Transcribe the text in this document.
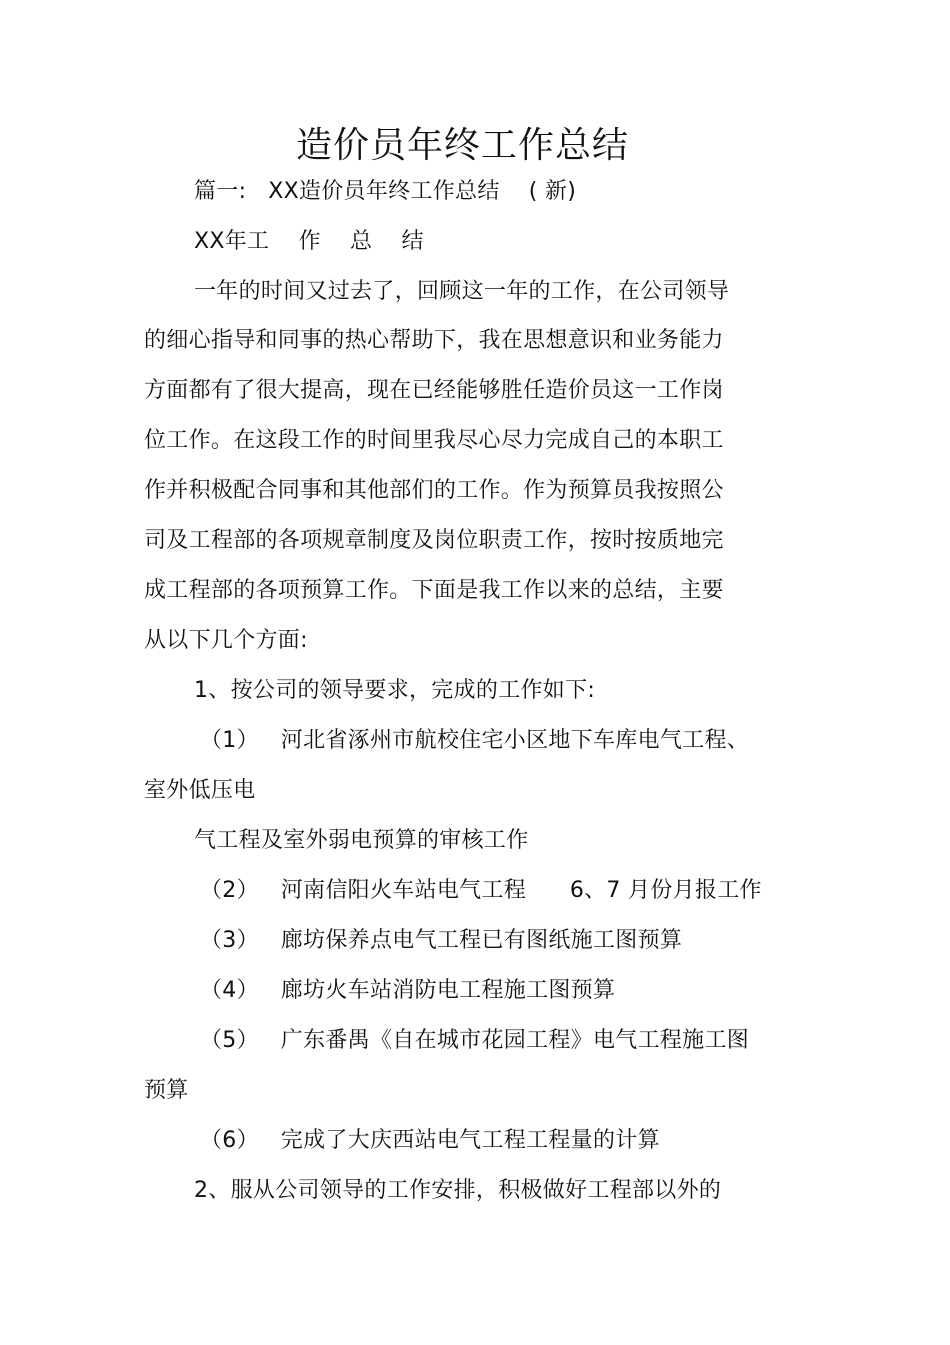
造价员年终工作总结
篇一:   XX造价员年终工作总结    ( 新)
XX年工    作    总    结
一年的时间又过去了，回顾这一年的工作，在公司领导
的细心指导和同事的热心帮助下，我在思想意识和业务能力
方面都有了很大提高，现在已经能够胜任造价员这一工作岗
位工作。在这段工作的时间里我尽心尽力完成自己的本职工
作并积极配合同事和其他部们的工作。作为预算员我按照公
司及工程部的各项规章制度及岗位职责工作，按时按质地完
成工程部的各项预算工作。下面是我工作以来的总结，主要
从以下几个方面:
1、按公司的领导要求，完成的工作如下:
（1）   河北省涿州市航校住宅小区地下车库电气工程、
室外低压电
气工程及室外弱电预算的审核工作
（2）   河南信阳火车站电气工程      6、7 月份月报工作
（3）   廊坊保养点电气工程已有图纸施工图预算
（4）   廊坊火车站消防电工程施工图预算
（5）   广东番禺《自在城市花园工程》电气工程施工图
预算
（6）   完成了大庆西站电气工程工程量的计算
2、服从公司领导的工作安排，积极做好工程部以外的
